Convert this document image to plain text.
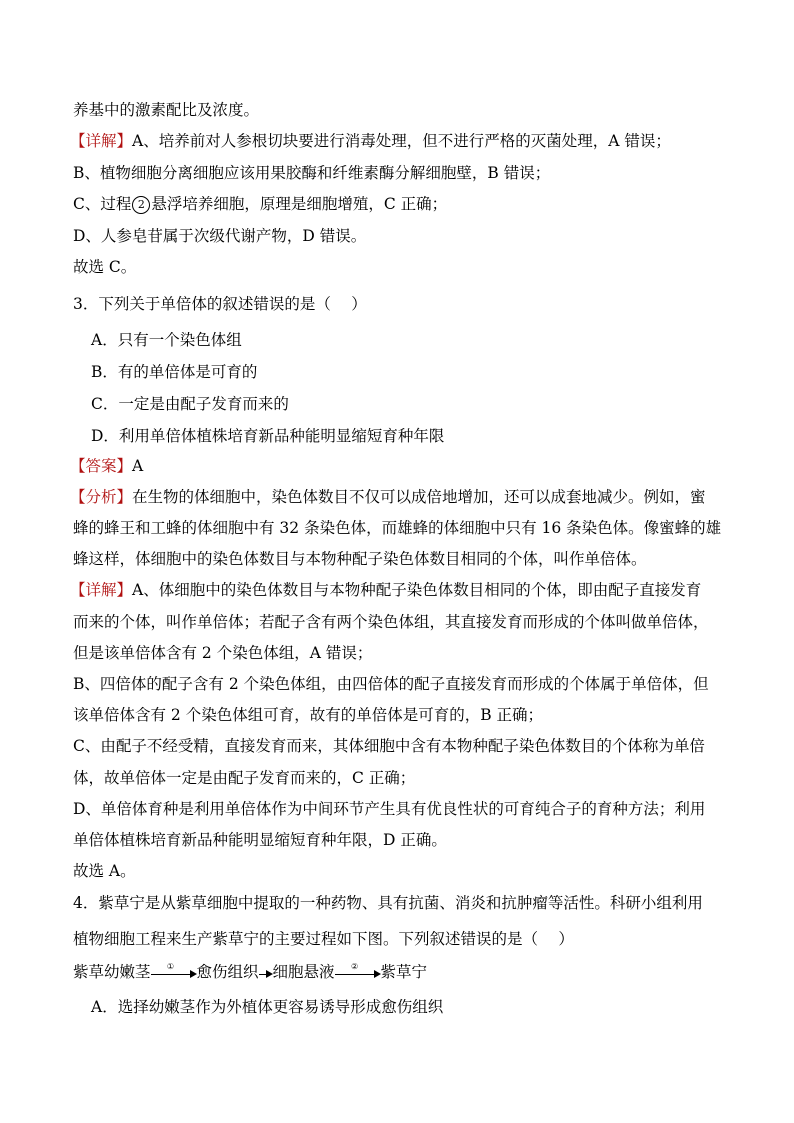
养基中的激素配比及浓度。
【详解】A、培养前对人参根切块要进行消毒处理，但不进行严格的灭菌处理，A 错误；
B、植物细胞分离细胞应该用果胶酶和纤维素酶分解细胞壁，B 错误；
C、过程 2 悬浮培养细胞，原理是细胞增殖，C 正确；
D、人参皂苷属于次级代谢产物，D 错误。
故选 C。
3．下列关于单倍体的叙述错误的是（　 ）
A．只有一个染色体组
B．有的单倍体是可育的
C．一定是由配子发育而来的
D．利用单倍体植株培育新品种能明显缩短育种年限
【答案】A
【分析】在生物的体细胞中，染色体数目不仅可以成倍地增加，还可以成套地减少。例如，蜜
蜂的蜂王和工蜂的体细胞中有 32 条染色体，而雄蜂的体细胞中只有 16 条染色体。像蜜蜂的雄
蜂这样，体细胞中的染色体数目与本物种配子染色体数目相同的个体，叫作单倍体。
【详解】A、体细胞中的染色体数目与本物种配子染色体数目相同的个体，即由配子直接发育
而来的个体，叫作单倍体；若配子含有两个染色体组，其直接发育而形成的个体叫做单倍体，
但是该单倍体含有 2 个染色体组，A 错误；
B、四倍体的配子含有 2 个染色体组，由四倍体的配子直接发育而形成的个体属于单倍体，但
该单倍体含有 2 个染色体组可育，故有的单倍体是可育的，B 正确；
C、由配子不经受精，直接发育而来，其体细胞中含有本物种配子染色体数目的个体称为单倍
体，故单倍体一定是由配子发育而来的，C 正确；
D、单倍体育种是利用单倍体作为中间环节产生具有优良性状的可育纯合子的育种方法；利用
单倍体植株培育新品种能明显缩短育种年限，D 正确。
故选 A。
4．紫草宁是从紫草细胞中提取的一种药物、具有抗菌、消炎和抗肿瘤等活性。科研小组利用
植物细胞工程来生产紫草宁的主要过程如下图。下列叙述错误的是（　 ）
紫草幼嫩茎	①	愈伤组织 细胞悬液	②	紫草宁
A．选择幼嫩茎作为外植体更容易诱导形成愈伤组织
